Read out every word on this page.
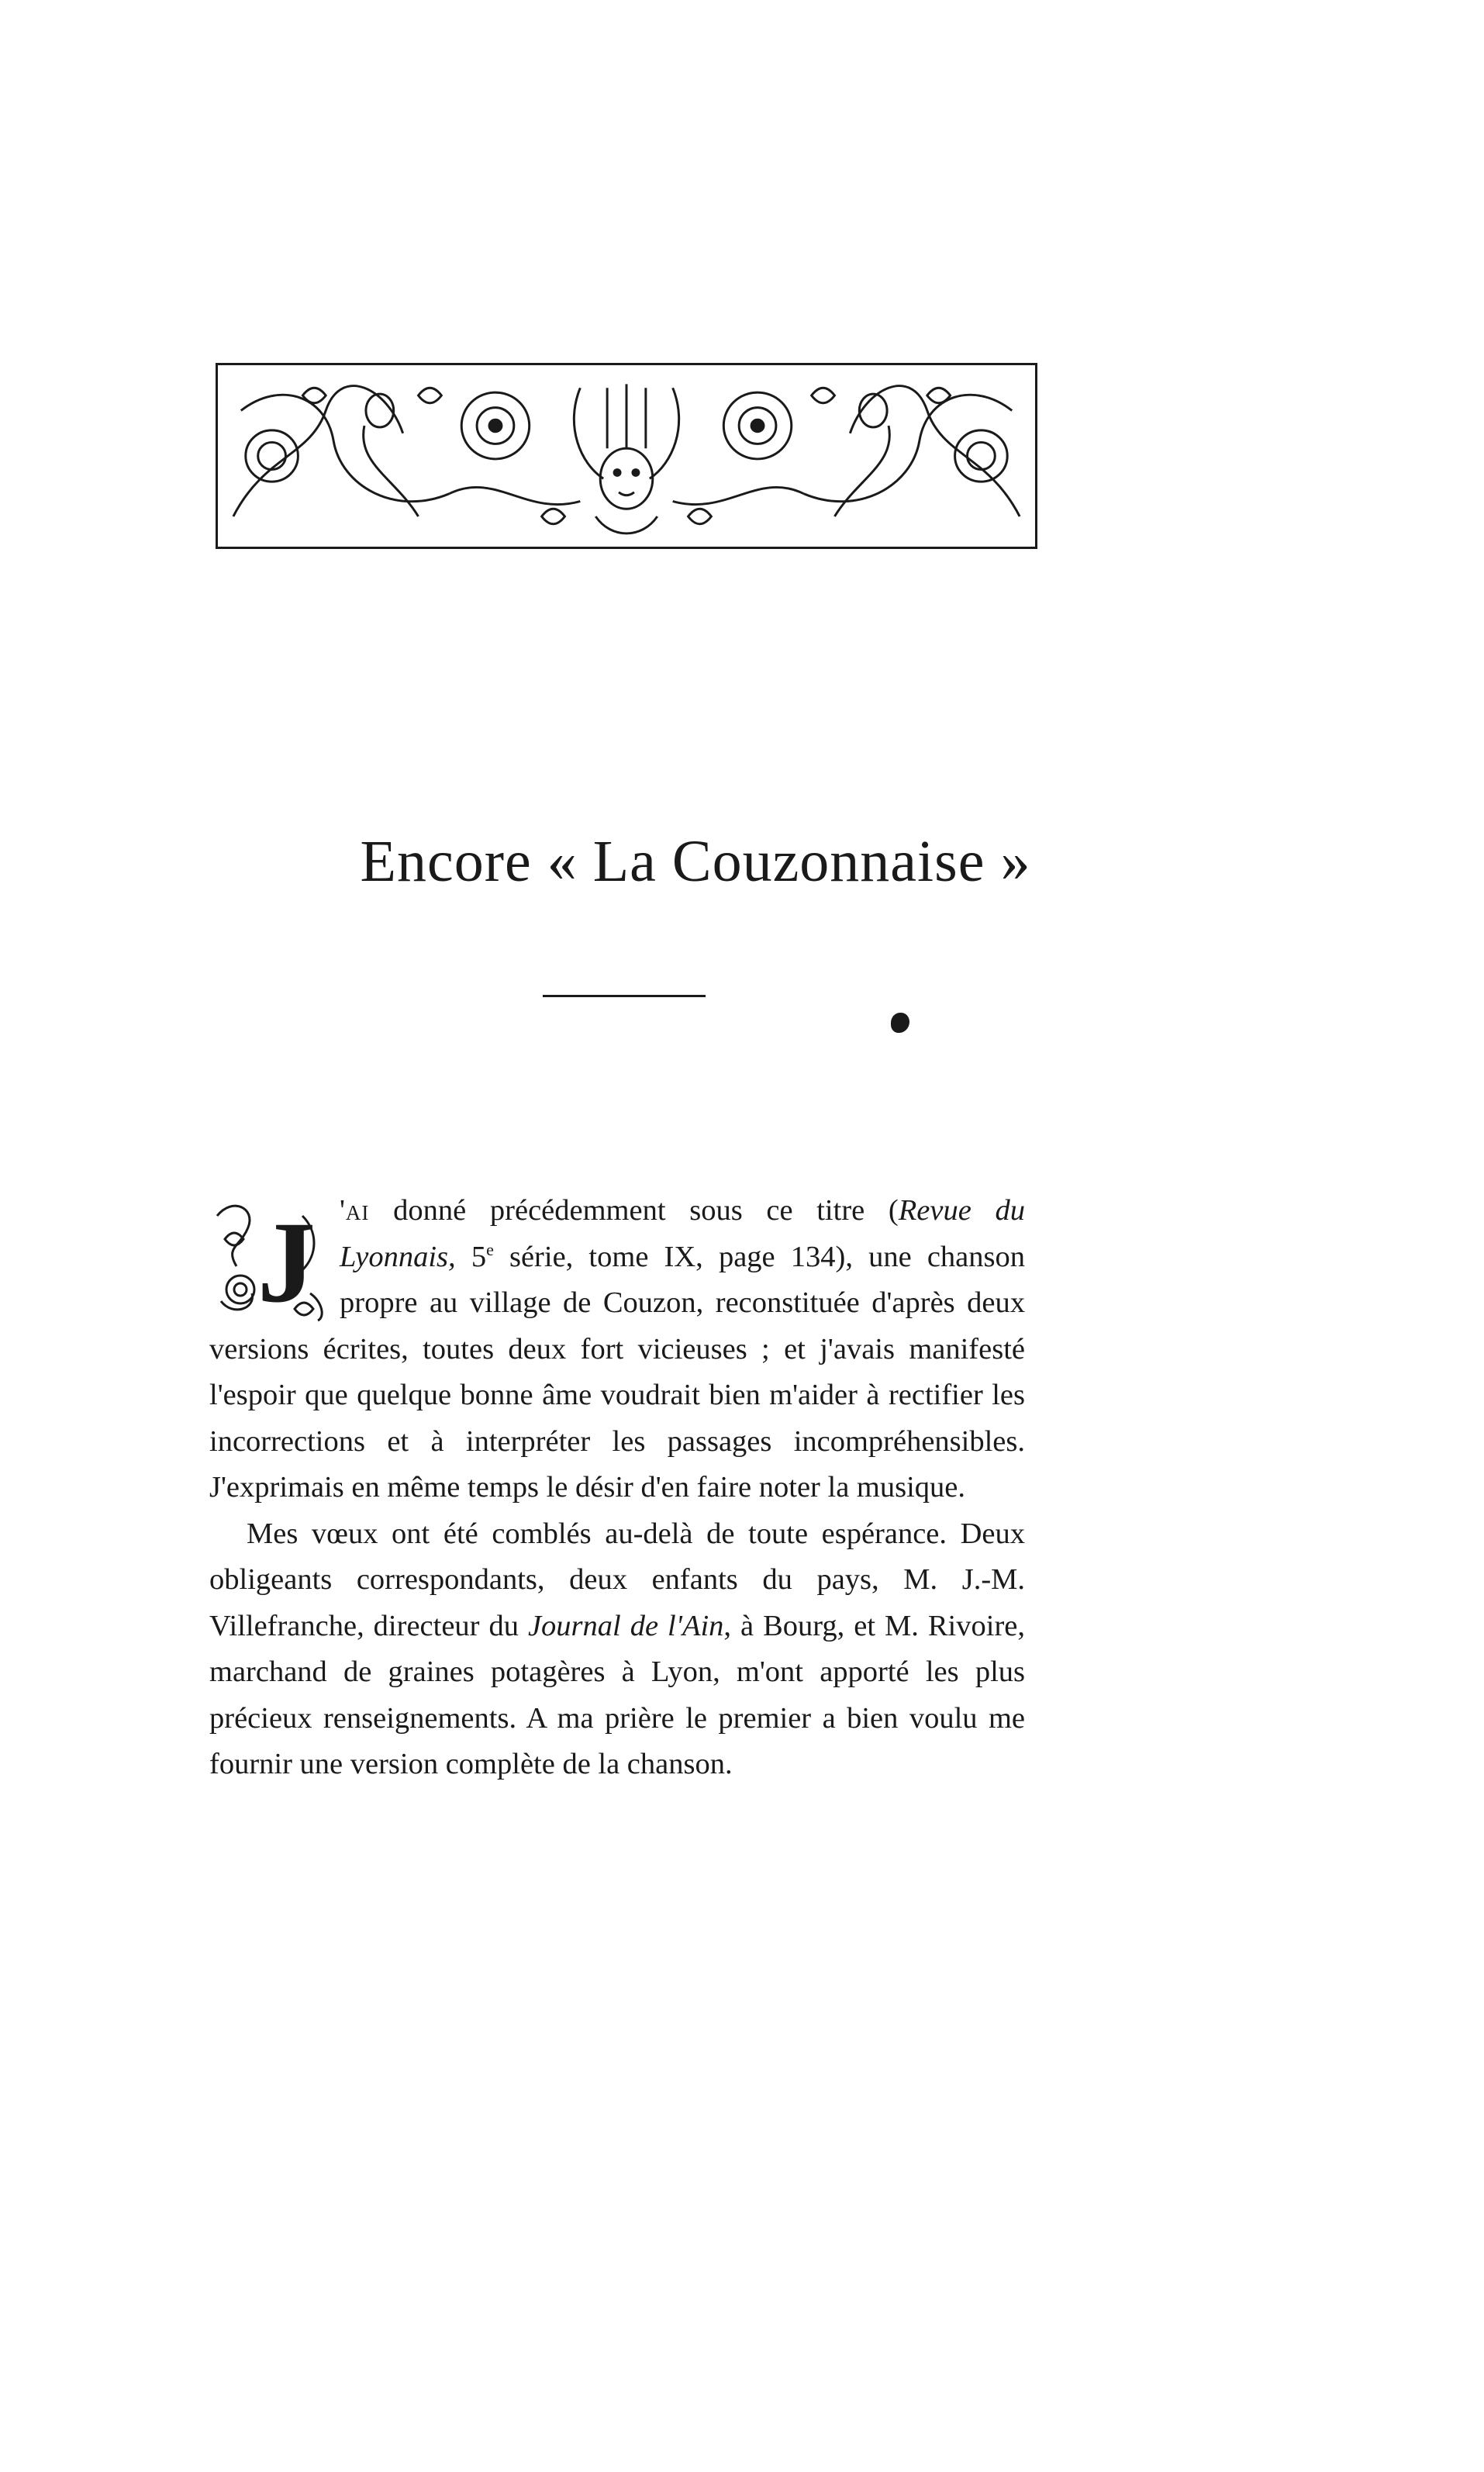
Encore « La Couzonnaise »

J 'ai donné précédemment sous ce titre (Revue du Lyonnais, 5e série, tome IX, page 134), une chanson propre au village de Couzon, reconstituée d'après deux versions écrites, toutes deux fort vicieuses ; et j'avais manifesté l'espoir que quelque bonne âme voudrait bien m'aider à rectifier les incorrections et à interpréter les passages incompréhensibles. J'exprimais en même temps le désir d'en faire noter la musique.

Mes vœux ont été comblés au-delà de toute espérance. Deux obligeants correspondants, deux enfants du pays, M. J.-M. Villefranche, directeur du Journal de l'Ain, à Bourg, et M. Rivoire, marchand de graines potagères à Lyon, m'ont apporté les plus précieux renseignements. A ma prière le premier a bien voulu me fournir une version complète de la chanson.
